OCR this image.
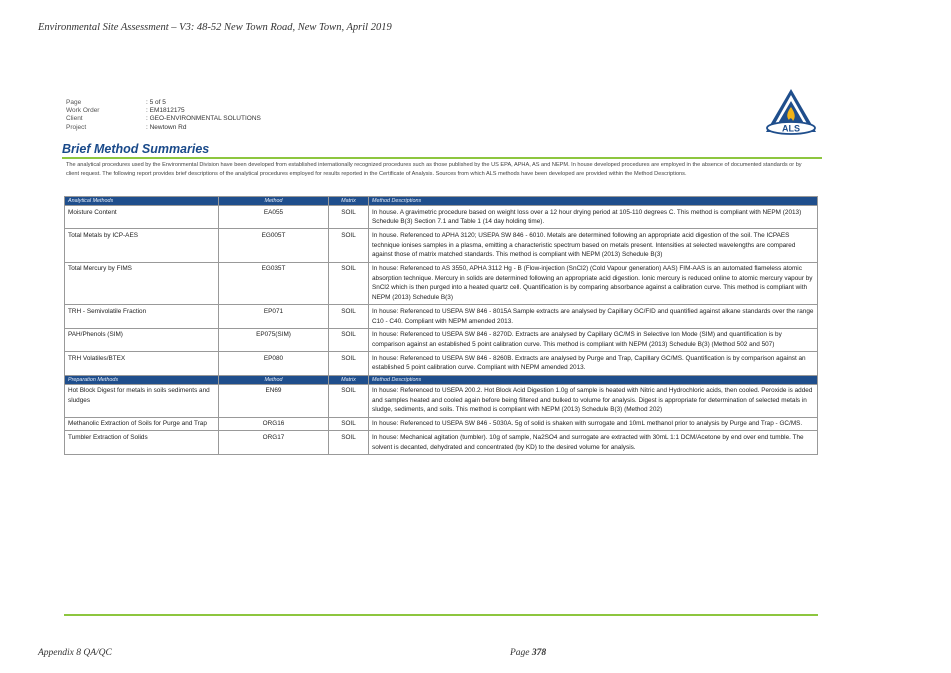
Environmental Site Assessment – V3: 48-52 New Town Road, New Town, April 2019
Page	: 5 of 5
Work Order	: EM1812175
Client	: GEO-ENVIRONMENTAL SOLUTIONS
Project	: Newtown Rd	ALS
Brief Method Summaries
The analytical procedures used by the Environmental Division have been developed from established internationally recognized procedures such as those published by the US EPA, APHA, AS and NEPM. In house developed procedures are employed in the absence of documented standards or by client request. The following report provides brief descriptions of the analytical procedures employed for results reported in the Certificate of Analysis. Sources from which ALS methods have been developed are provided within the Method Descriptions.
Analytical Methods	Method	Matrix	Method Descriptions
Moisture Content	EA055	SOIL	In house. A gravimetric procedure based on weight loss over a 12 hour drying period at 105-110 degrees C. This method is compliant with NEPM (2013) Schedule B(3) Section 7.1 and Table 1 (14 day holding time).
Total Metals by ICP-AES	EG005T	SOIL	In house. Referenced to APHA 3120; USEPA SW 846 - 6010. Metals are determined following an appropriate acid digestion of the soil. The ICPAES technique ionises samples in a plasma, emitting a characteristic spectrum based on metals present. Intensities at selected wavelengths are compared against those of matrix matched standards. This method is compliant with NEPM (2013) Schedule B(3)
Total Mercury by FIMS	EG035T	SOIL	In house: Referenced to AS 3550, APHA 3112 Hg - B (Flow-injection (SnCl2) (Cold Vapour generation) AAS) FIM-AAS is an automated flameless atomic absorption technique. Mercury in solids are determined following an appropriate acid digestion. Ionic mercury is reduced online to atomic mercury vapour by SnCl2 which is then purged into a heated quartz cell. Quantification is by comparing absorbance against a calibration curve. This method is compliant with NEPM (2013) Schedule B(3)
TRH - Semivolatile Fraction	EP071	SOIL	In house: Referenced to USEPA SW 846 - 8015A Sample extracts are analysed by Capillary GC/FID and quantified against alkane standards over the range C10 - C40. Compliant with NEPM amended 2013.
PAH/Phenols (SIM)	EP075(SIM)	SOIL	In house: Referenced to USEPA SW 846 - 8270D. Extracts are analysed by Capillary GC/MS in Selective Ion Mode (SIM) and quantification is by comparison against an established 5 point calibration curve. This method is compliant with NEPM (2013) Schedule B(3) (Method 502 and 507)
TRH Volatiles/BTEX	EP080	SOIL	In house: Referenced to USEPA SW 846 - 8260B. Extracts are analysed by Purge and Trap, Capillary GC/MS. Quantification is by comparison against an established 5 point calibration curve. Compliant with NEPM amended 2013.
Preparation Methods	Method	Matrix	Method Descriptions
Hot Block Digest for metals in soils sediments and sludges	EN69	SOIL	In house: Referenced to USEPA 200.2. Hot Block Acid Digestion 1.0g of sample is heated with Nitric and Hydrochloric acids, then cooled. Peroxide is added and samples heated and cooled again before being filtered and bulked to volume for analysis. Digest is appropriate for determination of selected metals in sludge, sediments, and soils. This method is compliant with NEPM (2013) Schedule B(3) (Method 202)
Methanolic Extraction of Soils for Purge and Trap	ORG16	SOIL	In house: Referenced to USEPA SW 846 - 5030A. 5g of solid is shaken with surrogate and 10mL methanol prior to analysis by Purge and Trap - GC/MS.
Tumbler Extraction of Solids	ORG17	SOIL	In house: Mechanical agitation (tumbler). 10g of sample, Na2SO4 and surrogate are extracted with 30mL 1:1 DCM/Acetone by end over end tumble. The solvent is decanted, dehydrated and concentrated (by KD) to the desired volume for analysis.
Appendix 8 QA/QC	Page 378
